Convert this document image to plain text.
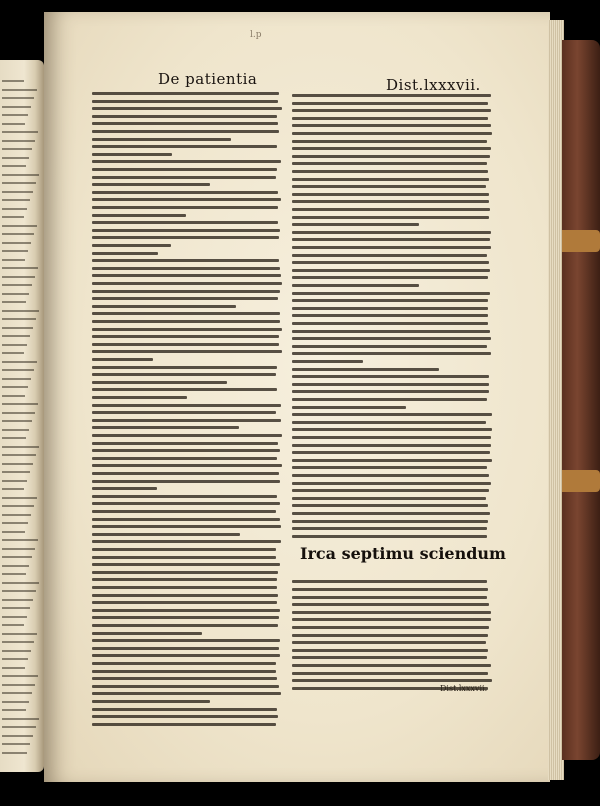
l.p
De patientia	Dist.lxxxvii.
Irca septimu sciendum
Dist.lxxxvii.
